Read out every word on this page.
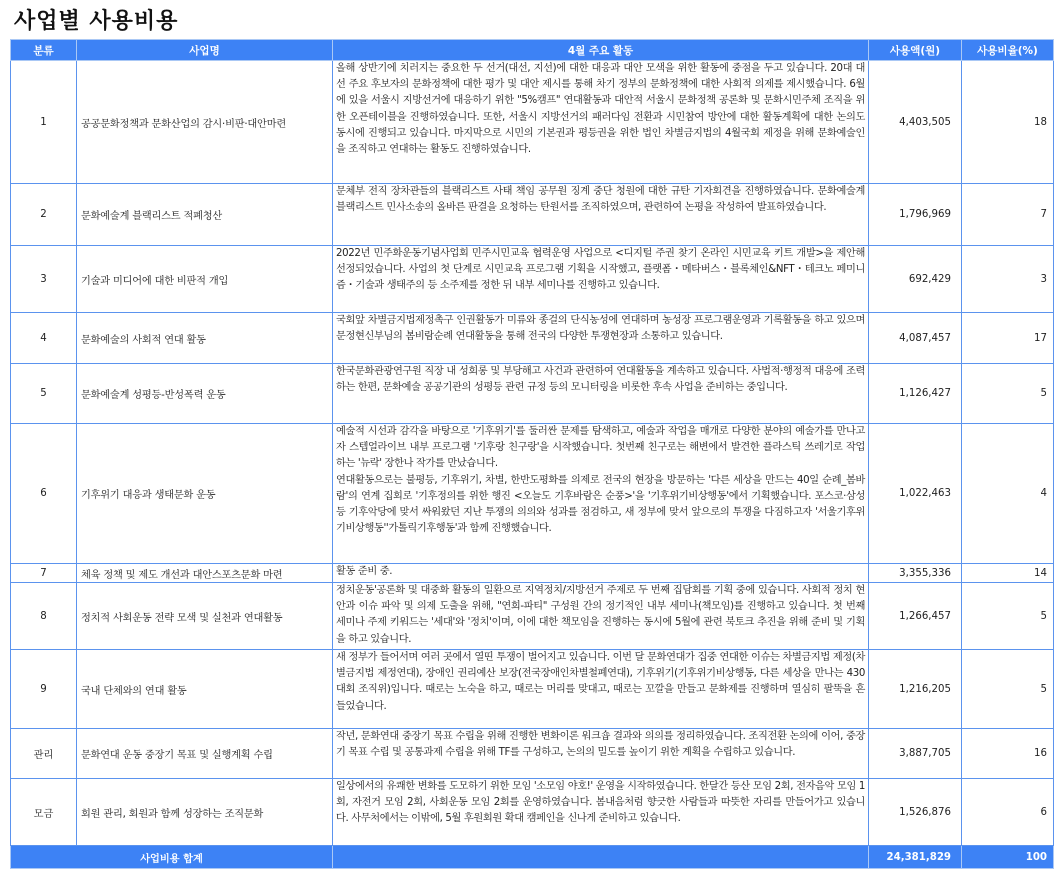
사업별 사용비용
분류	사업명	4월 주요 활동	사용액(원)	사용비율(%)
1	공공문화정책과 문화산업의 감시·비판·대안마련	올해 상반기에 치러지는 중요한 두 선거(대선, 지선)에 대한 대응과 대안 모색을 위한 활동에 중점을 두고 있습니다. 20대 대선 주요 후보자의 문화정책에 대한 평가 및 대안 제시를 통해 차기 정부의 문화정책에 대한 사회적 의제를 제시했습니다. 6월에 있을 서울시 지방선거에 대응하기 위한 "5%캠프" 연대활동과 대안적 서울시 문화정책 공론화 및 문화시민주체 조직을 위한 오픈테이블을 진행하였습니다. 또한, 서울시 지방선거의 패러다임 전환과 시민참여 방안에 대한 활동계획에 대한 논의도 동시에 진행되고 있습니다. 마지막으로 시민의 기본권과 평등권을 위한 법인 차별금지법의 4월국회 제정을 위해 문화예술인을 조직하고 연대하는 활동도 진행하였습니다.	4,403,505	18
2	문화예술계 블랙리스트 적폐청산	문체부 전직 장차관들의 블랙리스트 사태 책임 공무원 징계 중단 청원에 대한 규탄 기자회견을 진행하였습니다. 문화예술계 블랙리스트 민사소송의 올바른 판결을 요청하는 탄원서를 조직하였으며, 관련하여 논평을 작성하여 발표하였습니다.	1,796,969	7
3	기술과 미디어에 대한 비판적 개입	2022년 민주화운동기념사업회 민주시민교육 협력운영 사업으로 <디지털 주권 찾기 온라인 시민교육 키트 개발>을 제안해 선정되었습니다. 사업의 첫 단계로 시민교육 프로그램 기획을 시작했고, 플랫폼・메타버스・블록체인&NFT・테크노 페미니즘・기술과 생태주의 등 소주제를 정한 뒤 내부 세미나를 진행하고 있습니다.	692,429	3
4	문화예술의 사회적 연대 활동	국회앞 차별금지법제정촉구 인권활동가 미류와 종걸의 단식농성에 연대하며 농성장 프로그램운영과 기록활동을 하고 있으며 문정현신부님의 봄비람순례 연대활동을 통해 전국의 다양한 투쟁현장과 소통하고 있습니다.	4,087,457	17
5	문화예술계 성평등-반성폭력 운동	한국문화관광연구원 직장 내 성희롱 및 부당해고 사건과 관련하여 연대활동을 계속하고 있습니다. 사법적·행정적 대응에 조력하는 한편, 문화예술 공공기관의 성평등 관련 규정 등의 모니터링을 비롯한 후속 사업을 준비하는 중입니다.	1,126,427	5
6	기후위기 대응과 생태문화 운동	예술적 시선과 감각을 바탕으로 '기후위기'를 둘러싼 문제를 탐색하고, 예술과 작업을 매개로 다양한 분야의 예술가를 만나고자 스텝얼라이브 내부 프로그램 '기후랑 친구랑'을 시작했습니다. 첫번째 친구로는 해변에서 발견한 플라스틱 쓰레기로 작업하는 '뉴락' 장한나 작가를 만났습니다.

연대활동으로는 불평등, 기후위기, 차별, 한반도평화를 의제로 전국의 현장을 방문하는 '다른 세상을 만드는 40일 순례_봄바람'의 연계 집회로 '기후정의를 위한 행진 <오늘도 기후바람은 순풍>'을 '기후위기비상행동'에서 기획했습니다. 포스코·삼성 등 기후악당에 맞서 싸워왔던 지난 투쟁의 의의와 성과를 점검하고, 새 정부에 맞서 앞으로의 투쟁을 다짐하고자 '서울기후위기비상행동''가톨릭기후행동'과 함께 진행했습니다.	1,022,463	4
7	체육 정책 및 제도 개선과 대안스포츠문화 마련	활동 준비 중.	3,355,336	14
8	정치적 사회운동 전략 모색 및 실천과 연대활동	정치운동'공론화 및 대중화 활동의 일환으로 지역정치/지방선거 주제로 두 번째 집담회를 기획 중에 있습니다. 사회적 정치 현안과 이슈 파악 및 의제 도출을 위해, "연희-파티" 구성원 간의 정기적인 내부 세미나(책모임)를 진행하고 있습니다. 첫 번째 세미나 주제 키워드는 '세대'와 '정치'이며, 이에 대한 책모임을 진행하는 동시에 5월에 관련 북토크 추진을 위해 준비 및 기획을 하고 있습니다.	1,266,457	5
9	국내 단체와의 연대 활동	새 정부가 들어서며 여러 곳에서 열띤 투쟁이 벌어지고 있습니다. 이번 달 문화연대가 집중 연대한 이슈는 차별금지법 제정(차별금지법 제정연대), 장애인 권리예산 보장(전국장애인차별철폐연대), 기후위기(기후위기비상행동, 다른 세상을 만나는 430대회 조직위)입니다. 때로는 노숙을 하고, 때로는 머리를 맞대고, 때로는 꼬깔을 만들고 문화제를 진행하며 열심히 팔뚝을 흔들었습니다.	1,216,205	5
관리	문화연대 운동 중장기 목표 및 실행계획 수립	작년, 문화연대 중장기 목표 수립을 위해 진행한 변화이론 워크숍 결과와 의의를 정리하였습니다. 조직전환 논의에 이어, 중장기 목표 수립 및 공통과제 수립을 위해 TF를 구성하고, 논의의 밀도를 높이기 위한 계획을 수립하고 있습니다.	3,887,705	16
모금	회원 관리, 회원과 함께 성장하는 조직문화	일상에서의 유쾌한 변화를 도모하기 위한 모임 '소모임 야호!' 운영을 시작하였습니다. 한달간 등산 모임 2회, 전자음악 모임 1회, 자전거 모임 2회, 사회운동 모임 2회를 운영하였습니다. 봄내음처럼 향긋한 사람들과 따뜻한 자리를 만들어가고 있습니다. 사무처에서는 이밖에, 5월 후원회원 확대 캠페인을 신나게 준비하고 있습니다.	1,526,876	6
사업비용 합계			24,381,829	100
